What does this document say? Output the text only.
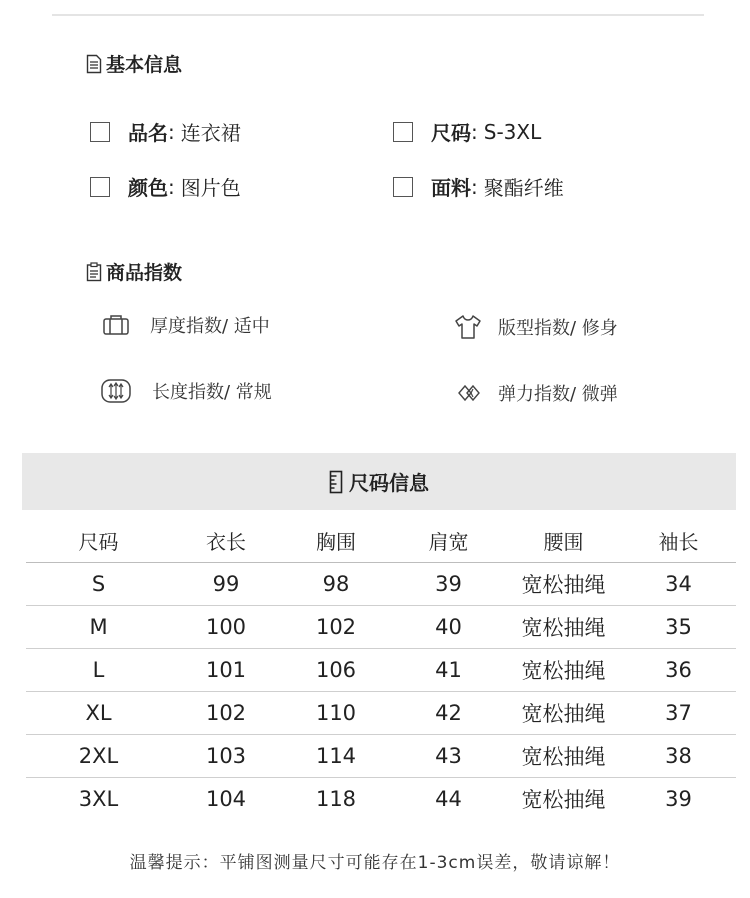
基本信息
品名 : 连衣裙	尺码 : S-3XL
颜色 : 图片色	面料 : 聚酯纤维
商品指数
厚度指数/ 适中	版型指数/ 修身
长度指数/ 常规	弹力指数/ 微弹
尺码信息
尺码	衣长	胸围	肩宽	腰围	袖长
S	99	98	39	宽松抽绳	34
M	100	102	40	宽松抽绳	35
L	101	106	41	宽松抽绳	36
XL	102	110	42	宽松抽绳	37
2XL	103	114	43	宽松抽绳	38
3XL	104	118	44	宽松抽绳	39
温馨提示：平铺图测量尺寸可能存在1-3cm误差，敬请谅解！
